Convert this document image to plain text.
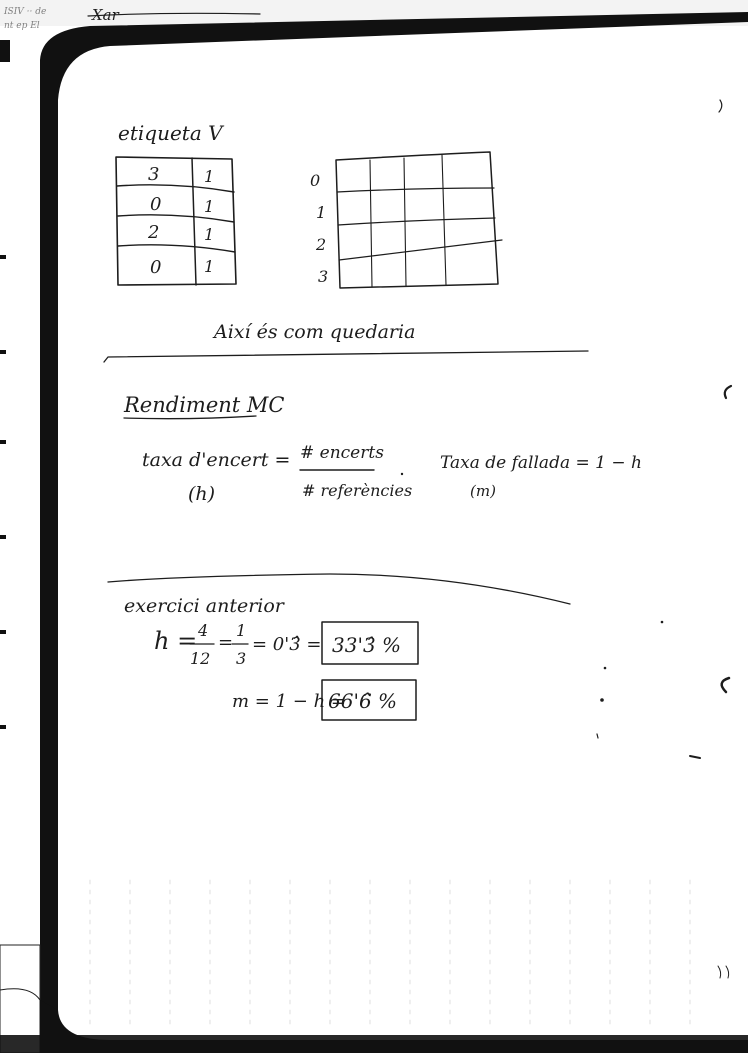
ISIV ·· de
nt ep El
Xar
etiqueta V
3	1
0	1
2	1
0	1
0
1
2
3
Així és com quedaria
Rendiment MC
taxa d'encert =
(h)
# encerts
# referències
Taxa de fallada = 1 − h
(m)
exercici anterior
h = 4
12
=
1
3
= 0'3̂ = 33'3̂ %
m = 1 − h =
66'6̂ %
